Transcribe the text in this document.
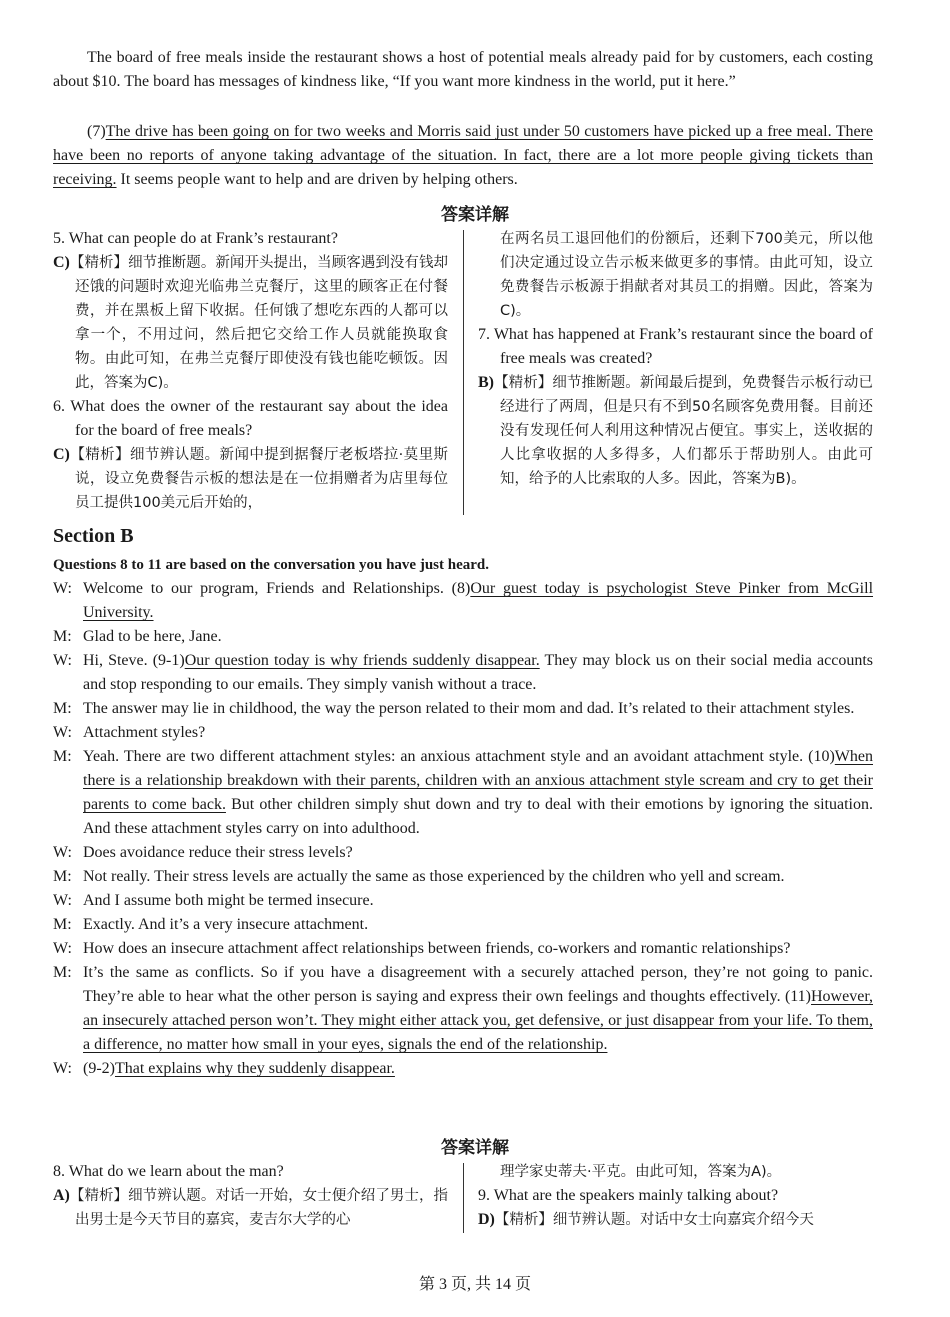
The board of free meals inside the restaurant shows a host of potential meals already paid for by customers, each costing about $10. The board has messages of kindness like, “If you want more kindness in the world, put it here.”

(7)The drive has been going on for two weeks and Morris said just under 50 customers have picked up a free meal. There have been no reports of anyone taking advantage of the situation. In fact, there are a lot more people giving tickets than receiving. It seems people want to help and are driven by helping others.

答案详解

5. What can people do at Frank’s restaurant?

C)【精析】细节推断题。新闻开头提出，当顾客遇到没有钱却还饿的问题时欢迎光临弗兰克餐厅，这里的顾客正在付餐费，并在黑板上留下收据。任何饿了想吃东西的人都可以拿一个，不用过问，然后把它交给工作人员就能换取食物。由此可知，在弗兰克餐厅即使没有钱也能吃顿饭。因此，答案为C)。

6. What does the owner of the restaurant say about the idea for the board of free meals?

C)【精析】细节辨认题。新闻中提到据餐厅老板塔拉·莫里斯说，设立免费餐告示板的想法是在一位捐赠者为店里每位员工提供100美元后开始的，

在两名员工退回他们的份额后，还剩下700美元，所以他们决定通过设立告示板来做更多的事情。由此可知，设立免费餐告示板源于捐献者对其员工的捐赠。因此，答案为C)。

7. What has happened at Frank’s restaurant since the board of free meals was created?

B)【精析】细节推断题。新闻最后提到，免费餐告示板行动已经进行了两周，但是只有不到50名顾客免费用餐。目前还没有发现任何人利用这种情况占便宜。事实上，送收据的人比拿收据的人多得多，人们都乐于帮助别人。由此可知，给予的人比索取的人多。因此，答案为B)。

Section B
Questions 8 to 11 are based on the conversation you have just heard.
W: Welcome to our program, Friends and Relationships. (8)Our guest today is psychologist Steve Pinker from McGill University.
M: Glad to be here, Jane.
W: Hi, Steve. (9-1)Our question today is why friends suddenly disappear. They may block us on their social media accounts and stop responding to our emails. They simply vanish without a trace.
M: The answer may lie in childhood, the way the person related to their mom and dad. It’s related to their attachment styles.
W: Attachment styles?
M: Yeah. There are two different attachment styles: an anxious attachment style and an avoidant attachment style. (10)When there is a relationship breakdown with their parents, children with an anxious attachment style scream and cry to get their parents to come back. But other children simply shut down and try to deal with their emotions by ignoring the situation. And these attachment styles carry on into adulthood.
W: Does avoidance reduce their stress levels?
M: Not really. Their stress levels are actually the same as those experienced by the children who yell and scream.
W: And I assume both might be termed insecure.
M: Exactly. And it’s a very insecure attachment.
W: How does an insecure attachment affect relationships between friends, co-workers and romantic relationships?
M: It’s the same as conflicts. So if you have a disagreement with a securely attached person, they’re not going to panic. They’re able to hear what the other person is saying and express their own feelings and thoughts effectively. (11)However, an insecurely attached person won’t. They might either attack you, get defensive, or just disappear from your life. To them, a difference, no matter how small in your eyes, signals the end of the relationship.
W: (9-2)That explains why they suddenly disappear.
答案详解

8. What do we learn about the man?

A)【精析】细节辨认题。对话一开始，女士便介绍了男士，指出男士是今天节目的嘉宾，麦吉尔大学的心

理学家史蒂夫·平克。由此可知，答案为A)。

9. What are the speakers mainly talking about?

D)【精析】细节辨认题。对话中女士向嘉宾介绍今天

第 3 页, 共 14 页
